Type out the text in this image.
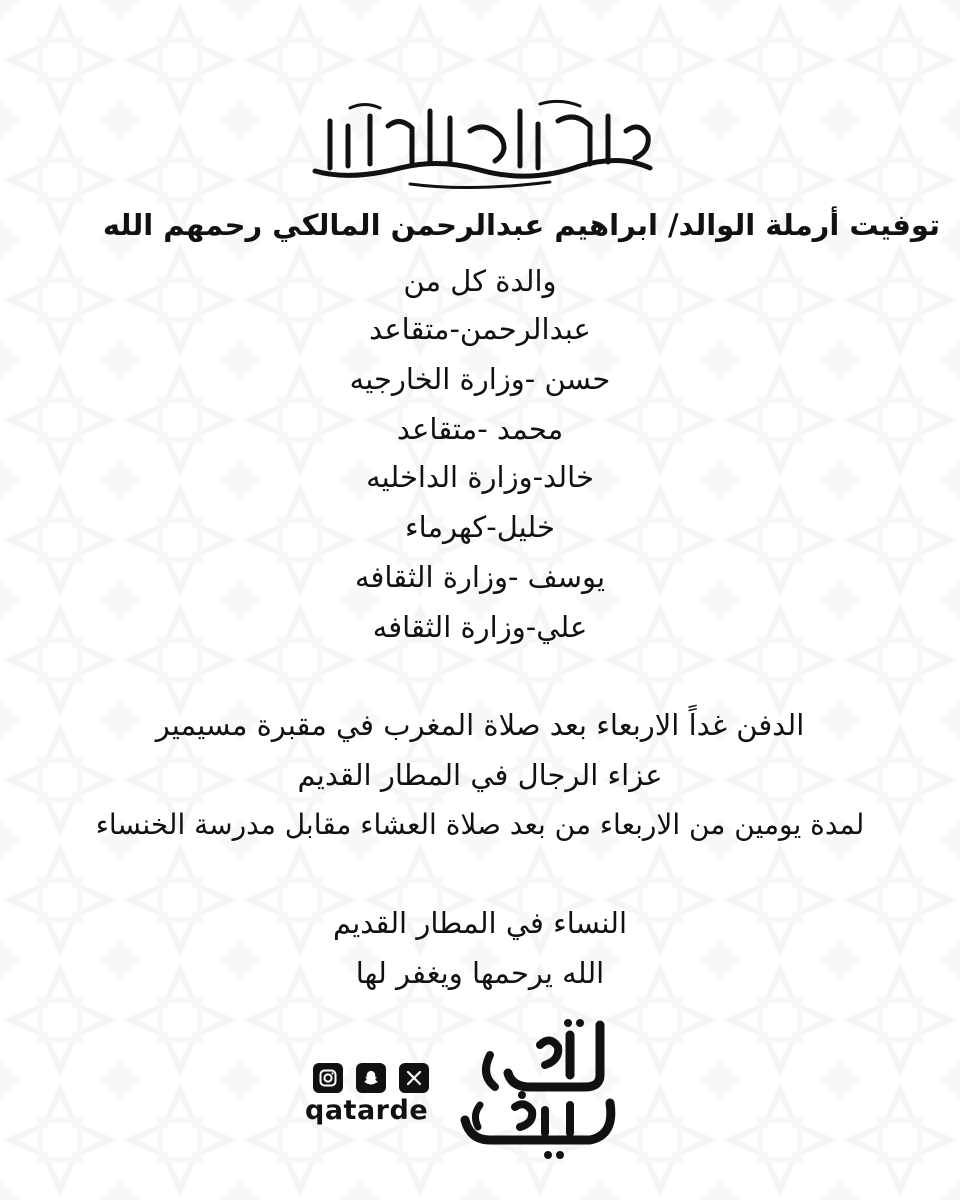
توفيت أرملة الوالد/ ابراهيم عبدالرحمن المالكي رحمهم الله
والدة كل من
عبدالرحمن-متقاعد
حسن -وزارة الخارجيه
محمد -متقاعد
خالد-وزارة الداخليه
خليل-كهرماء
يوسف -وزارة الثقافه
علي-وزارة الثقافه
الدفن غداً الاربعاء بعد صلاة المغرب في مقبرة مسيمير
عزاء الرجال في المطار القديم
لمدة يومين من الاربعاء من بعد صلاة العشاء مقابل مدرسة الخنساء
النساء في المطار القديم
الله يرحمها ويغفر لها
qatarde
